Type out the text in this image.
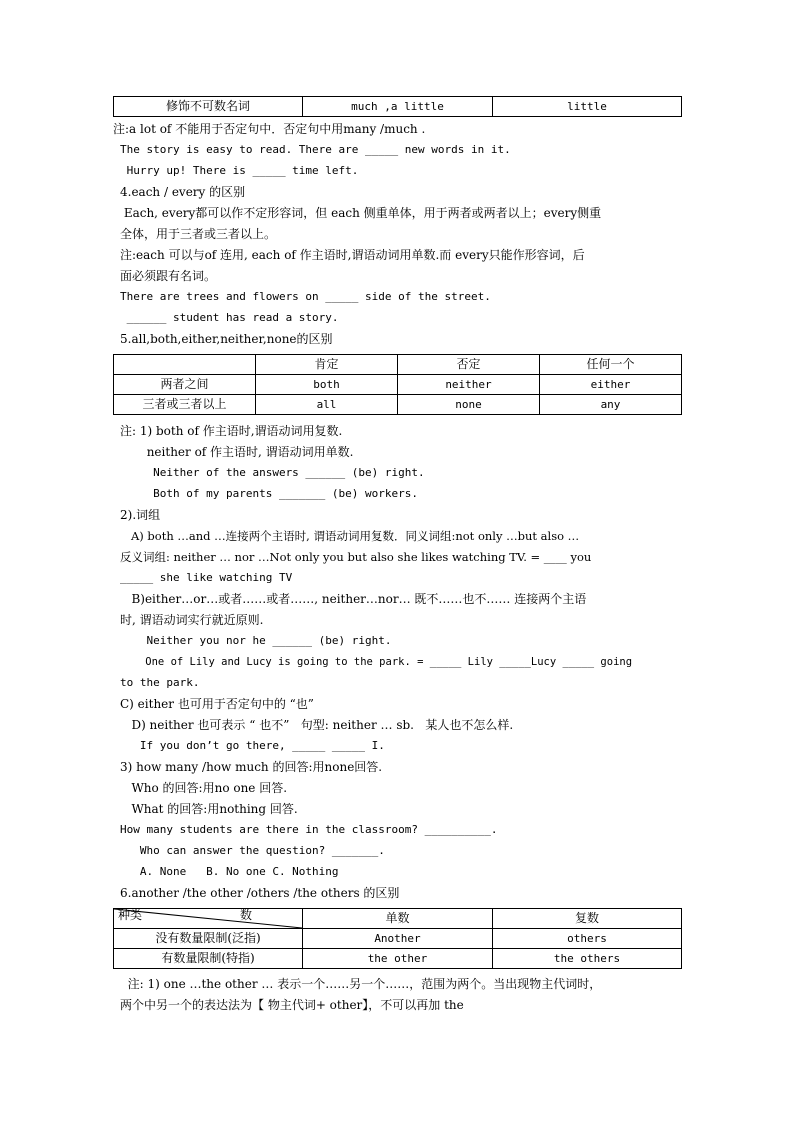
修饰不可数名词	much ,a little	little
注:a lot of 不能用于否定句中．否定句中用many /much .
The story is easy to read. There are _____ new words in it.
Hurry up! There is _____ time left.
4.each / every 的区别
Each, every都可以作不定形容词，但 each 侧重单体，用于两者或两者以上；every侧重
全体，用于三者或三者以上。
注:each 可以与of 连用, each of 作主语时,谓语动词用单数.而 every只能作形容词，后
面必须跟有名词。
There are trees and flowers on _____ side of the street.
______ student has read a story.
5.all,both,either,neither,none的区别
	肯定	否定	任何一个
两者之间	both	neither	either
三者或三者以上	all	none	any
注: 1) both of 作主语时,谓语动词用复数.
neither of 作主语时, 谓语动词用单数.
Neither of the answers ______ (be) right.
Both of my parents _______ (be) workers.
2).词组
A) both …and …连接两个主语时, 谓语动词用复数．同义词组:not only …but also …
反义词组: neither … nor …Not only you but also she likes watching TV. = ____ you
_____ she like watching TV
B)either…or…或者……或者……, neither…nor… 既不……也不…… 连接两个主语
时, 谓语动词实行就近原则.
Neither you nor he ______ (be) right.
One of Lily and Lucy is going to the park. = _____ Lily _____Lucy _____ going
to the park.
C) either 也可用于否定句中的 “也”
D) neither 也可表示 “ 也不”   句型: neither … sb.   某人也不怎么样.
If you don’t go there, _____ _____ I.
3) how many /how much 的回答:用none回答.
Who 的回答:用no one 回答.
What 的回答:用nothing 回答.
How many students are there in the classroom? __________.
Who can answer the question? _______.
A. None   B. No one C. Nothing
6.another /the other /others /the others 的区别
种类 数	单数	复数
没有数量限制(泛指)	Another	others
有数量限制(特指)	the other	the others
注: 1) one …the other … 表示一个……另一个……，范围为两个。当出现物主代词时，
两个中另一个的表达法为【 物主代词+ other】，不可以再加 the
